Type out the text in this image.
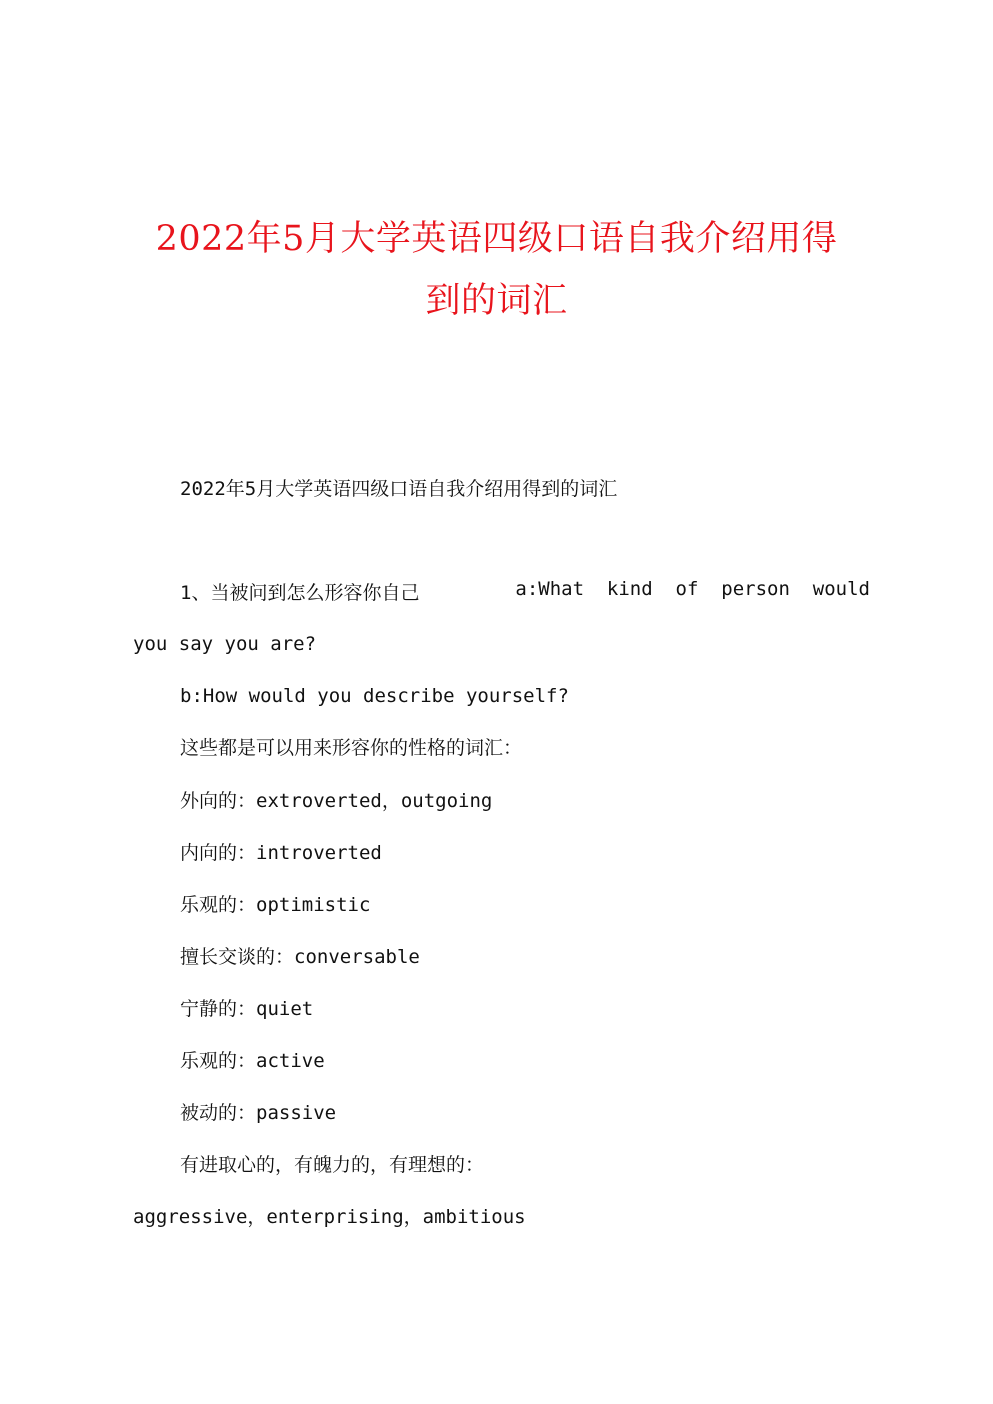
2022年5月大学英语四级口语自我介绍用得
到的词汇
2022年5月大学英语四级口语自我介绍用得到的词汇
1、当被问到怎么形容你自己	a:What  kind  of  person  would
you say you are?
b:How would you describe yourself?
这些都是可以用来形容你的性格的词汇：
外向的：extroverted，outgoing
内向的：introverted
乐观的：optimistic
擅长交谈的：conversable
宁静的：quiet
乐观的：active
被动的：passive
有进取心的，有魄力的，有理想的：
aggressive，enterprising，ambitious
